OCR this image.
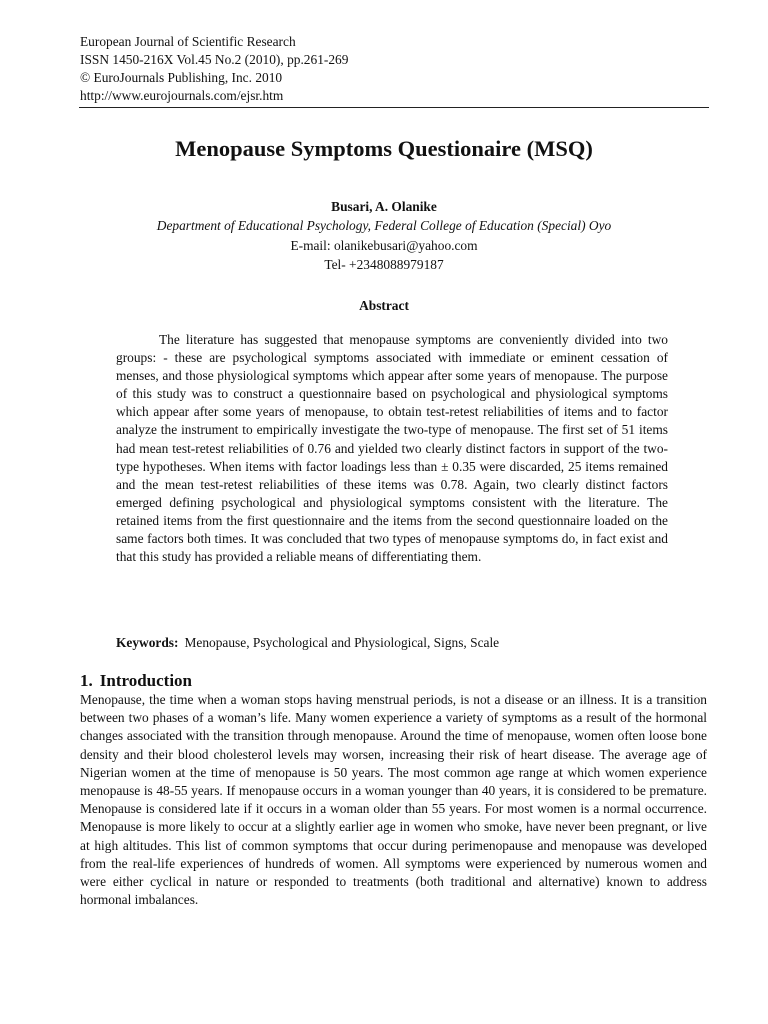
European Journal of Scientific Research
ISSN 1450-216X Vol.45 No.2 (2010), pp.261-269
© EuroJournals Publishing, Inc. 2010
http://www.eurojournals.com/ejsr.htm
Menopause Symptoms Questionaire (MSQ)
Busari, A. Olanike
Department of Educational Psychology, Federal College of Education (Special) Oyo
E-mail: olanikebusari@yahoo.com
Tel- +2348088979187
Abstract

The literature has suggested that menopause symptoms are conveniently divided into two groups: - these are psychological symptoms associated with immediate or eminent cessation of menses, and those physiological symptoms which appear after some years of menopause. The purpose of this study was to construct a questionnaire based on psychological and physiological symptoms which appear after some years of menopause, to obtain test-retest reliabilities of items and to factor analyze the instrument to empirically investigate the two-type of menopause. The first set of 51 items had mean test-retest reliabilities of 0.76 and yielded two clearly distinct factors in support of the two-type hypotheses. When items with factor loadings less than ± 0.35 were discarded, 25 items remained and the mean test-retest reliabilities of these items was 0.78. Again, two clearly distinct factors emerged defining psychological and physiological symptoms consistent with the literature. The retained items from the first questionnaire and the items from the second questionnaire loaded on the same factors both times. It was concluded that two types of menopause symptoms do, in fact exist and that this study has provided a reliable means of differentiating them.

Keywords: Menopause, Psychological and Physiological, Signs, Scale
1. Introduction

Menopause, the time when a woman stops having menstrual periods, is not a disease or an illness. It is a transition between two phases of a woman’s life. Many women experience a variety of symptoms as a result of the hormonal changes associated with the transition through menopause. Around the time of menopause, women often loose bone density and their blood cholesterol levels may worsen, increasing their risk of heart disease. The average age of Nigerian women at the time of menopause is 50 years. The most common age range at which women experience menopause is 48-55 years. If menopause occurs in a woman younger than 40 years, it is considered to be premature. Menopause is considered late if it occurs in a woman older than 55 years. For most women is a normal occurrence. Menopause is more likely to occur at a slightly earlier age in women who smoke, have never been pregnant, or live at high altitudes. This list of common symptoms that occur during perimenopause and menopause was developed from the real-life experiences of hundreds of women. All symptoms were experienced by numerous women and were either cyclical in nature or responded to treatments (both traditional and alternative) known to address hormonal imbalances.
